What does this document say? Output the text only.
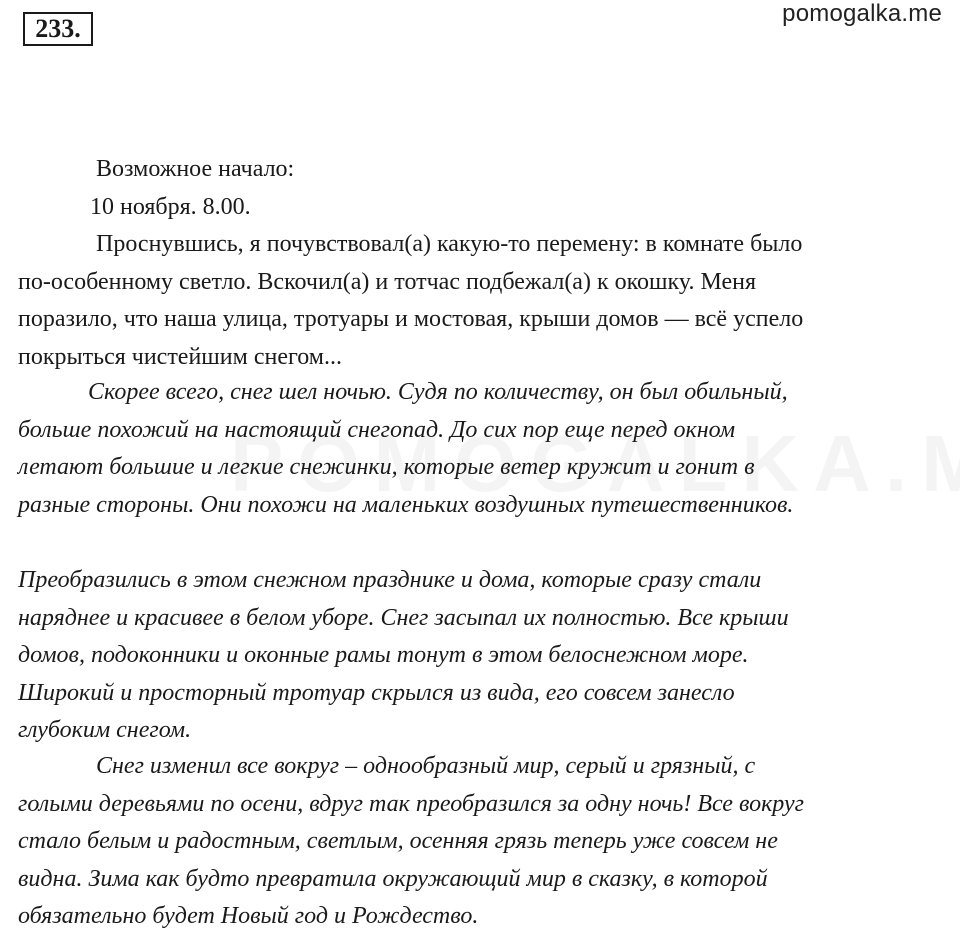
233.
pomogalka.me
Возможное начало:
10 ноября. 8.00.
Проснувшись, я почувствовал(а) какую-то перемену: в комнате было
по-особенному светло. Вскочил(а) и тотчас подбежал(а) к окошку. Меня
поразило, что наша улица, тротуары и мостовая, крыши домов — всё успело
покрыться чистейшим снегом...
Скорее всего, снег шел ночью. Судя по количеству, он был обильный,
больше похожий на настоящий снегопад. До сих пор еще перед окном
летают большие и легкие снежинки, которые ветер кружит и гонит в
разные стороны. Они похожи на маленьких воздушных путешественников.
Преобразились в этом снежном празднике и дома, которые сразу стали
наряднее и красивее в белом уборе. Снег засыпал их полностью. Все крыши
домов, подоконники и оконные рамы тонут в этом белоснежном море.
Широкий и просторный тротуар скрылся из вида, его совсем занесло
глубоким снегом.
Снег изменил все вокруг – однообразный мир, серый и грязный, с
голыми деревьями по осени, вдруг так преобразился за одну ночь! Все вокруг
стало белым и радостным, светлым, осенняя грязь теперь уже совсем не
видна. Зима как будто превратила окружающий мир в сказку, в которой
обязательно будет Новый год и Рождество.
